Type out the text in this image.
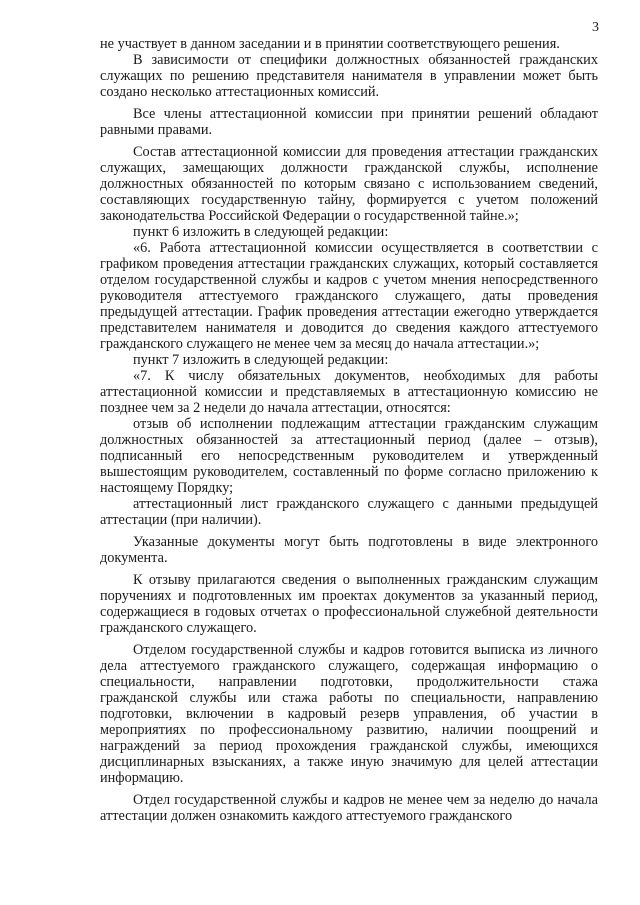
3

не участвует в данном заседании и в принятии соответствующего решения.

В зависимости от специфики должностных обязанностей гражданских служащих по решению представителя нанимателя в управлении может быть создано несколько аттестационных комиссий.

Все члены аттестационной комиссии при принятии решений обладают равными правами.

Состав аттестационной комиссии для проведения аттестации гражданских служащих, замещающих должности гражданской службы, исполнение должностных обязанностей по которым связано с использованием сведений, составляющих государственную тайну, формируется с учетом положений законодательства Российской Федерации о государственной тайне.»;

пункт 6 изложить в следующей редакции:

«6. Работа аттестационной комиссии осуществляется в соответствии с графиком проведения аттестации гражданских служащих, который составляется отделом государственной службы и кадров с учетом мнения непосредственного руководителя аттестуемого гражданского служащего, даты проведения предыдущей аттестации. График проведения аттестации ежегодно утверждается представителем нанимателя и доводится до сведения каждого аттестуемого гражданского служащего не менее чем за месяц до начала аттестации.»;

пункт 7 изложить в следующей редакции:

«7. К числу обязательных документов, необходимых для работы аттестационной комиссии и представляемых в аттестационную комиссию не позднее чем за 2 недели до начала аттестации, относятся:

отзыв об исполнении подлежащим аттестации гражданским служащим должностных обязанностей за аттестационный период (далее – отзыв), подписанный его непосредственным руководителем и утвержденный вышестоящим руководителем, составленный по форме согласно приложению к настоящему Порядку;

аттестационный лист гражданского служащего с данными предыдущей аттестации (при наличии).

Указанные документы могут быть подготовлены в виде электронного документа.

К отзыву прилагаются сведения о выполненных гражданским служащим поручениях и подготовленных им проектах документов за указанный период, содержащиеся в годовых отчетах о профессиональной служебной деятельности гражданского служащего.

Отделом государственной службы и кадров готовится выписка из личного дела аттестуемого гражданского служащего, содержащая информацию о специальности, направлении подготовки, продолжительности стажа гражданской службы или стажа работы по специальности, направлению подготовки, включении в кадровый резерв управления, об участии в мероприятиях по профессиональному развитию, наличии поощрений и награждений за период прохождения гражданской службы, имеющихся дисциплинарных взысканиях, а также иную значимую для целей аттестации информацию.

Отдел государственной службы и кадров не менее чем за неделю до начала аттестации должен ознакомить каждого аттестуемого гражданского
